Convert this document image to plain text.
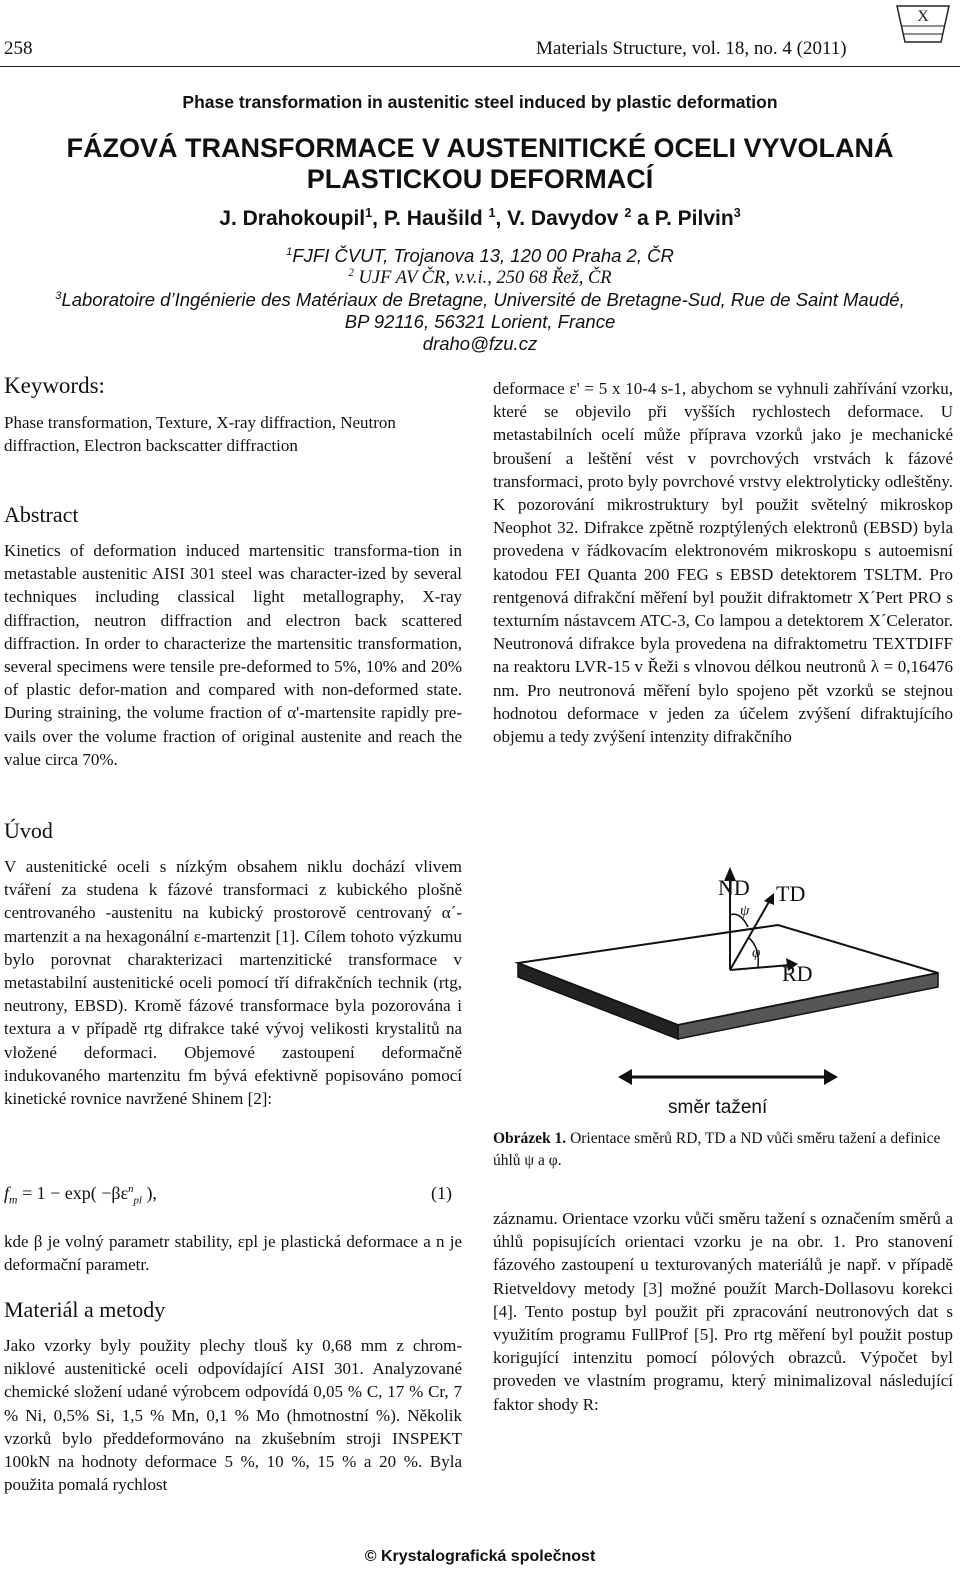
258	Materials Structure, vol. 18, no. 4 (2011)
X
Phase transformation in austenitic steel induced by plastic deformation
FÁZOVÁ TRANSFORMACE V AUSTENITICKÉ OCELI VYVOLANÁ
PLASTICKOU DEFORMACÍ
J. Drahokoupil$^1$, P. Haušild $^1$, V. Davydov $^2$ a P. Pilvin$^3$
$^1$FJFI ČVUT, Trojanova 13, 120 00 Praha 2, ČR
$^2$ UJF AV ČR, v.v.i., 250 68 Řež, ČR
$^3$Laboratoire d’Ingénierie des Matériaux de Bretagne, Université de Bretagne-Sud, Rue de Saint Maudé,
BP 92116, 56321 Lorient, France
draho@fzu.cz
Keywords:
Phase transformation, Texture, X-ray diffraction, Neutron diffraction, Electron backscatter diffraction
Abstract
Kinetics of deformation induced martensitic transforma-tion in metastable austenitic AISI 301 steel was character-ized by several techniques including classical light metallography, X-ray diffraction, neutron diffraction and electron back scattered diffraction. In order to characterize the martensitic transformation, several specimens were tensile pre-deformed to 5%, 10% and 20% of plastic defor-mation and compared with non-deformed state. During straining, the volume fraction of α'-martensite rapidly pre-vails over the volume fraction of original austenite and reach the value circa 70%.
Úvod
V austenitické oceli s nízkým obsahem niklu dochází vlivem tváření za studena k fázové transformaci z kubického plošně centrovaného -austenitu na kubický prostorově centrovaný α´-martenzit a na hexagonální ε-martenzit [1]. Cílem tohoto výzkumu bylo porovnat charakterizaci martenzitické transformace v metastabilní austenitické oceli pomocí tří difrakčních technik (rtg, neutrony, EBSD). Kromě fázové transformace byla pozorována i textura a v případě rtg difrakce také vývoj velikosti krystalitů na vložené deformaci. Objemové zastoupení deformačně indukovaného martenzitu fm bývá efektivně popisováno pomocí kinetické rovnice navržené Shinem [2]:
$f_m = 1 - \exp( -\beta\varepsilon^n_{pl}$ ),	(1)
kde β je volný parametr stability, εpl je plastická deformace a n je deformační parametr.
Materiál a metody
Jako vzorky byly použity plechy tlouš ky 0,68 mm z chrom-niklové austenitické oceli odpovídající AISI 301. Analyzované chemické složení udané výrobcem odpovídá 0,05 % C, 17 % Cr, 7 % Ni, 0,5% Si, 1,5 % Mn, 0,1 % Mo (hmotnostní %). Několik vzorků bylo předdeformováno na zkušebním stroji INSPEKT 100kN na hodnoty deformace 5 %, 10 %, 15 % a 20 %. Byla použita pomalá rychlost
deformace ε' = 5 x 10-4 s-1, abychom se vyhnuli zahřívání vzorku, které se objevilo při vyšších rychlostech deformace. U metastabilních ocelí může příprava vzorků jako je mechanické broušení a leštění vést v povrchových vrstvách k fázové transformaci, proto byly povrchové vrstvy elektrolyticky odleštěny. K pozorování mikrostruktury byl použit světelný mikroskop Neophot 32. Difrakce zpětně rozptýlených elektronů (EBSD) byla provedena v řádkovacím elektronovém mikroskopu s autoemisní katodou FEI Quanta 200 FEG s EBSD detektorem TSLTM. Pro rentgenová difrakční měření byl použit difraktometr X´Pert PRO s texturním nástavcem ATC-3, Co lampou a detektorem X´Celerator. Neutronová difrakce byla provedena na difraktometru TEXTDIFF na reaktoru LVR-15 v Řeži s vlnovou délkou neutronů λ = 0,16476 nm. Pro neutronová měření bylo spojeno pět vzorků se stejnou hodnotou deformace v jeden za účelem zvýšení difraktujícího objemu a tedy zvýšení intenzity difrakčního
ND TD
RD
ψ
φ
směr tažení
Obrázek 1. Orientace směrů RD, TD a ND vůči směru tažení a definice úhlů ψ a φ.
záznamu. Orientace vzorku vůči směru tažení s označením směrů a úhlů popisujících orientaci vzorku je na obr. 1. Pro stanovení fázového zastoupení u texturovaných materiálů je např. v případě Rietveldovy metody [3] možné použít March-Dollasovu korekci [4]. Tento postup byl použit při zpracování neutronových dat s využitím programu FullProf [5]. Pro rtg měření byl použit postup korigující intenzitu pomocí pólových obrazců. Výpočet byl proveden ve vlastním programu, který minimalizoval následující faktor shody R:
© Krystalografická společnost
